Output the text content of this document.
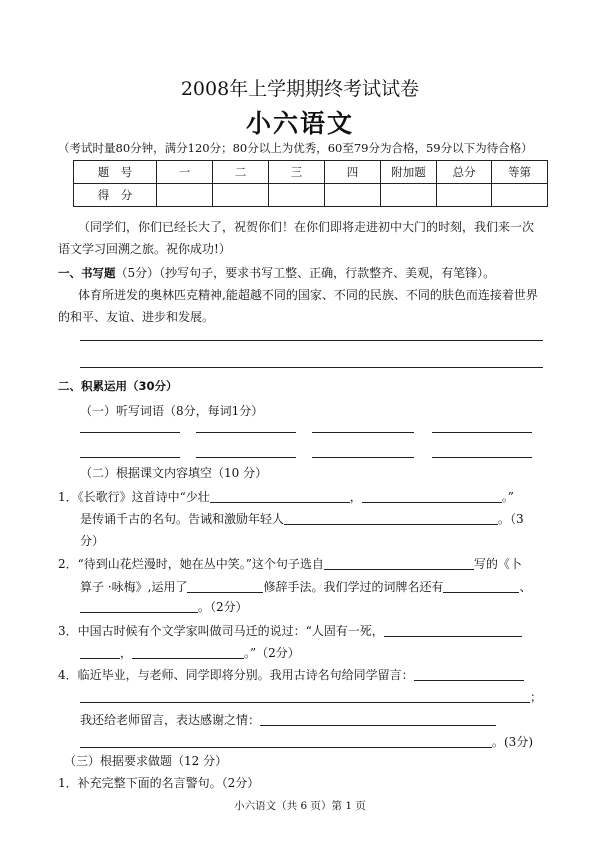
2008年上学期期终考试试卷
小六语文
（考试时量80分钟，满分120分；80分以上为优秀，60至79分为合格，59分以下为待合格）
题　号	一	二	三	四	附加题	总分	等第
得　分							
（同学们，你们已经长大了，祝贺你们！在你们即将走进初中大门的时刻，我们来一次
语文学习回溯之旅。祝你成功!）
一、书写题（5分）（抄写句子，要求书写工整、正确，行款整齐、美观，有笔锋）。
体育所迸发的奥林匹克精神,能超越不同的国家、不同的民族、不同的肤色而连接着世界
的和平、友谊、进步和发展。
二、积累运用（30分）
（一）听写词语（8分，每词1分）
（二）根据课文内容填空（10 分）
1．《长歌行》这首诗中“少壮	，	。”
是传诵千古的名句。告诫和激励年轻人	。（3
分）
2．“待到山花烂漫时，她在丛中笑。”这个句子选自	写的《卜
算子 ·咏梅》,运用了	修辞手法。我们学过的词牌名还有	、
。（2分）
3．中国古时候有个文学家叫做司马迁的说过：“人固有一死，
，	。”（2分）
4．临近毕业，与老师、同学即将分别。我用古诗名句给同学留言：
；
我还给老师留言，表达感谢之情：
。(3分)
（三）根据要求做题（12 分）
1．补充完整下面的名言警句。（2分）
小六语文（共 6 页）第 1 页
